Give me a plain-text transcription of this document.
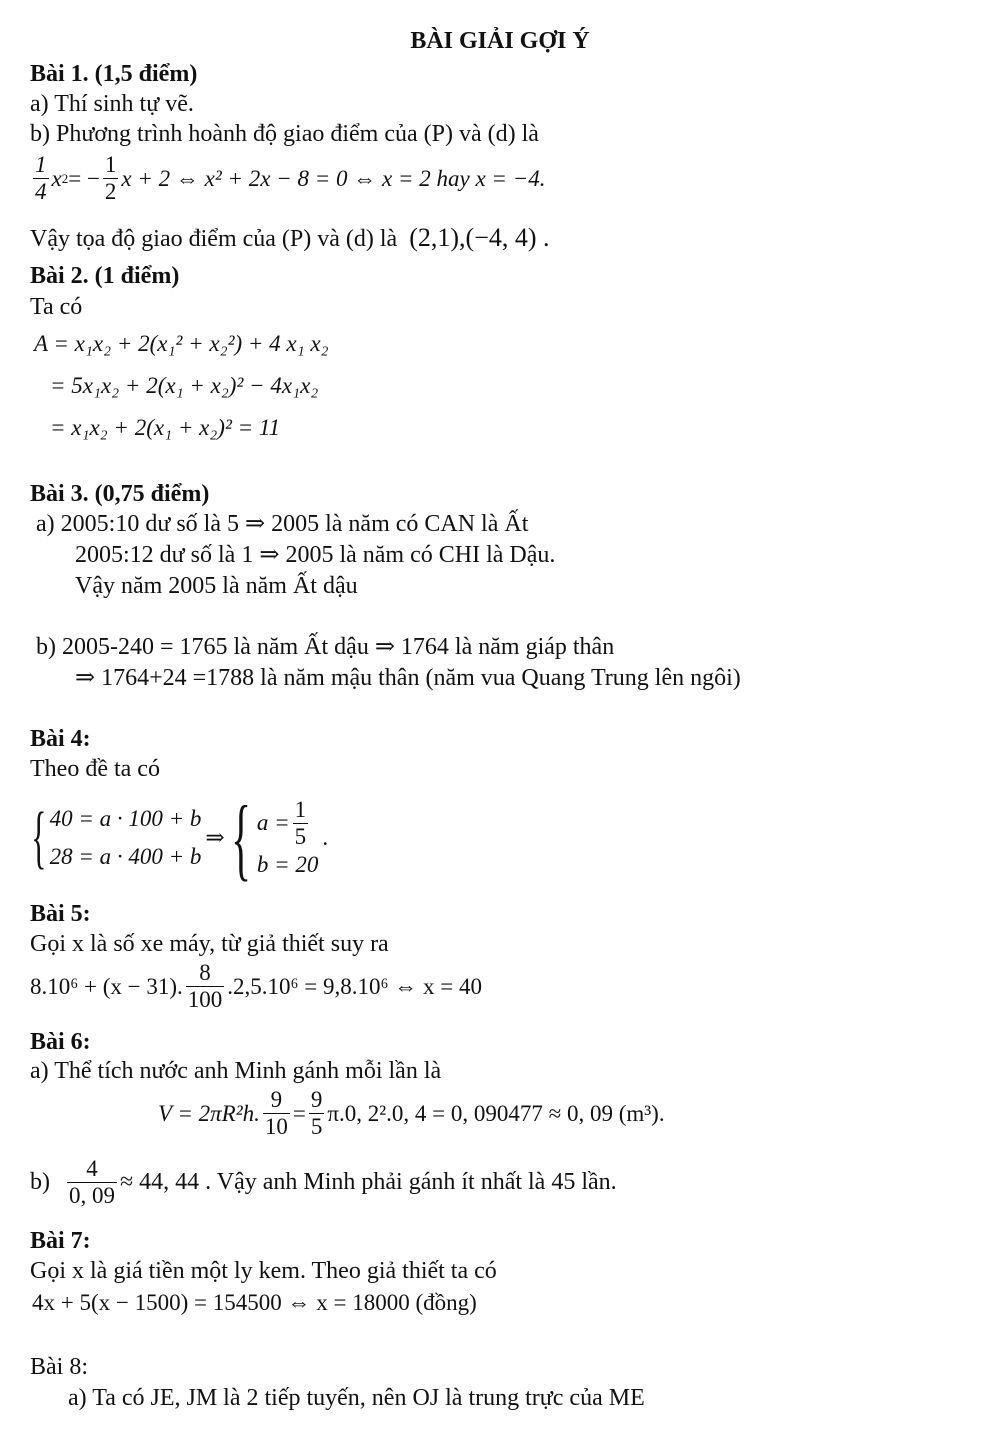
BÀI GIẢI GỢI Ý
Bài 1. (1,5 điểm)
a) Thí sinh tự vẽ.
b) Phương trình hoành độ giao điểm của (P) và (d) là
$\frac{1}{4}$ x 2 = − $\frac{1}{2}$ x + 2 ⇔ x² + 2x − 8 = 0 ⇔ x = 2 hay x = −4.
Vậy tọa độ giao điểm của (P) và (d) là (2,1),(−4, 4) .
Bài 2. (1 điểm)
Ta có
A = x₁x₂ + 2(x₁² + x₂²) + 4 x₁ x₂
= 5x₁x₂ + 2(x₁ + x₂)² − 4x₁x₂
= x₁x₂ + 2(x₁ + x₂)² = 11
Bài 3. (0,75 điểm)
a) 2005:10 dư số là 5 ⇒ 2005 là năm có CAN là Ất
2005:12 dư số là 1 ⇒ 2005 là năm có CHI là Dậu.
Vậy năm 2005 là năm Ất dậu
b) 2005-240 = 1765 là năm Ất dậu ⇒ 1764 là năm giáp thân
⇒ 1764+24 =1788 là năm mậu thân (năm vua Quang Trung lên ngôi)
Bài 4:
Theo đề ta có
{ 40 = a · 100 + b
28 = a · 400 + b
⇒ { $a = \frac{1}{5}$
b = 20
.
Bài 5:
Gọi x là số xe máy, từ giả thiết suy ra
8.10⁶ + (x − 31). $\frac{8}{100} .2,5.10^6 = 9,8.10^6$ ⇔ x = 40
Bài 6:
a) Thể tích nước anh Minh gánh mỗi lần là
V = 2πR²h. $\frac{9}{10} = \frac{9}{5} \pi.0$, 2².0, 4 = 0, 090477 ≈ 0, 09 (m³).
$b) \frac{4}{0, 09} \approx 44$, 44 . Vậy anh Minh phải gánh ít nhất là 45 lần.
Bài 7:
Gọi x là giá tiền một ly kem. Theo giả thiết ta có
4x + 5(x − 1500) = 154500 ⇔ x = 18000 (đồng)
Bài 8:
a) Ta có JE, JM là 2 tiếp tuyến, nên OJ là trung trực của ME
